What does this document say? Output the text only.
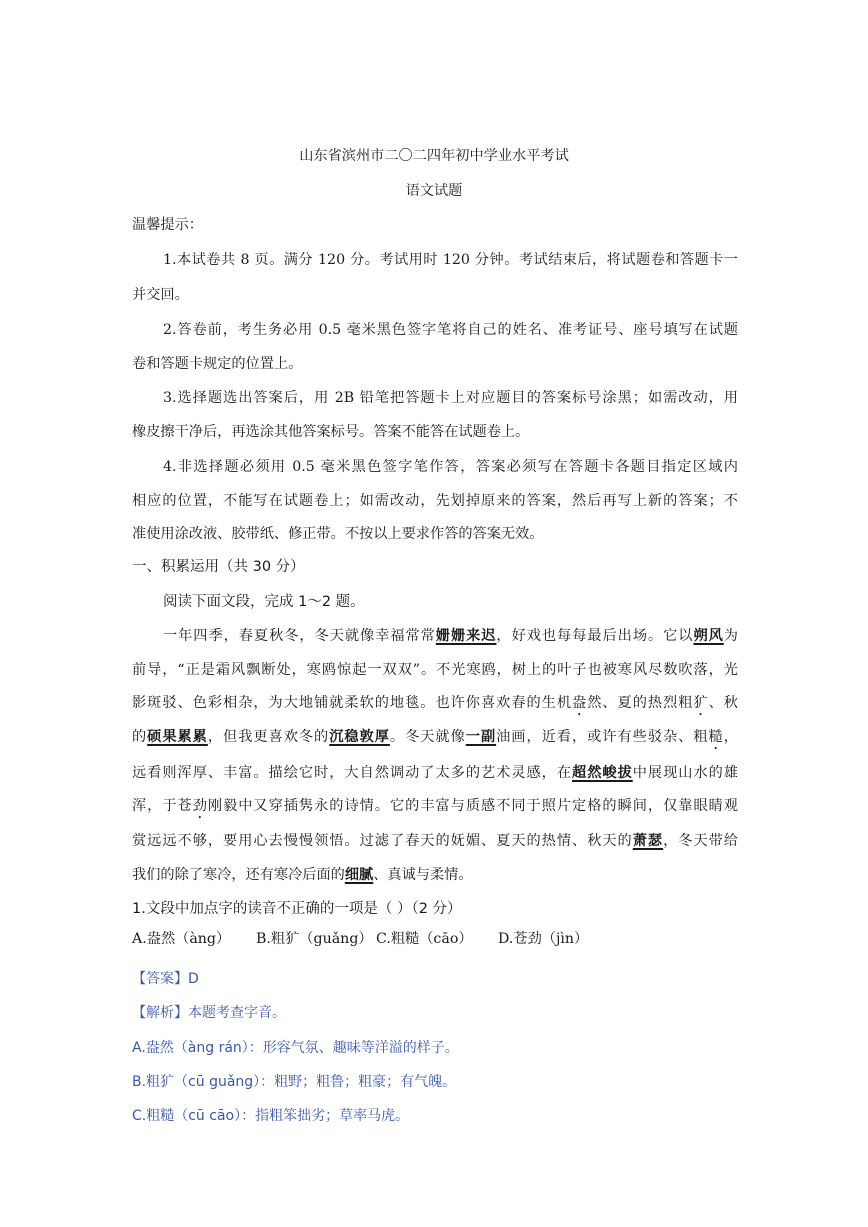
山东省滨州市二〇二四年初中学业水平考试
语文试题
温馨提示：
1.本试卷共 8 页。满分 120 分。考试用时 120 分钟。考试结束后，将试题卷和答题卡一
并交回。
2.答卷前，考生务必用 0.5 毫米黑色签字笔将自己的姓名、准考证号、座号填写在试题
卷和答题卡规定的位置上。
3.选择题选出答案后，用 2B 铅笔把答题卡上对应题目的答案标号涂黑；如需改动，用
橡皮擦干净后，再选涂其他答案标号。答案不能答在试题卷上。
4.非选择题必须用 0.5 毫米黑色签字笔作答，答案必须写在答题卡各题目指定区域内
相应的位置，不能写在试题卷上；如需改动，先划掉原来的答案，然后再写上新的答案；不
准使用涂改液、胶带纸、修正带。不按以上要求作答的答案无效。
一、积累运用（共 30 分）
阅读下面文段，完成 1～2 题。
一年四季，春夏秋冬，冬天就像幸福常常姗姗来迟，好戏也每每最后出场。它以朔风为
前导，“正是霜风飘断处，寒鸥惊起一双双”。不光寒鸥，树上的叶子也被寒风尽数吹落，光
影斑驳、色彩相杂，为大地铺就柔软的地毯。也许你喜欢春的生机盎然、夏的热烈粗犷、秋
的硕果累累，但我更喜欢冬的沉稳敦厚。冬天就像一副油画，近看，或许有些驳杂、粗糙，
远看则浑厚、丰富。描绘它时，大自然调动了太多的艺术灵感，在超然峻拔中展现山水的雄
浑，于苍劲刚毅中又穿插隽永的诗情。它的丰富与质感不同于照片定格的瞬间，仅靠眼睛观
赏远远不够，要用心去慢慢领悟。过滤了春天的妩媚、夏天的热情、秋天的萧瑟，冬天带给
我们的除了寒冷，还有寒冷后面的细腻、真诚与柔情。
1.文段中加点字的读音不正确的一项是（ ）（2 分）
A.盎然（àng） B.粗犷（guǎng） C.粗糙（cāo） D.苍劲（jìn）
【答案】D
【解析】本题考查字音。
A.盎然（àng rán）：形容气氛、趣味等洋溢的样子。
B.粗犷（cū guǎng）：粗野；粗鲁；粗豪；有气魄。
C.粗糙（cū cāo）：指粗笨拙劣；草率马虎。
